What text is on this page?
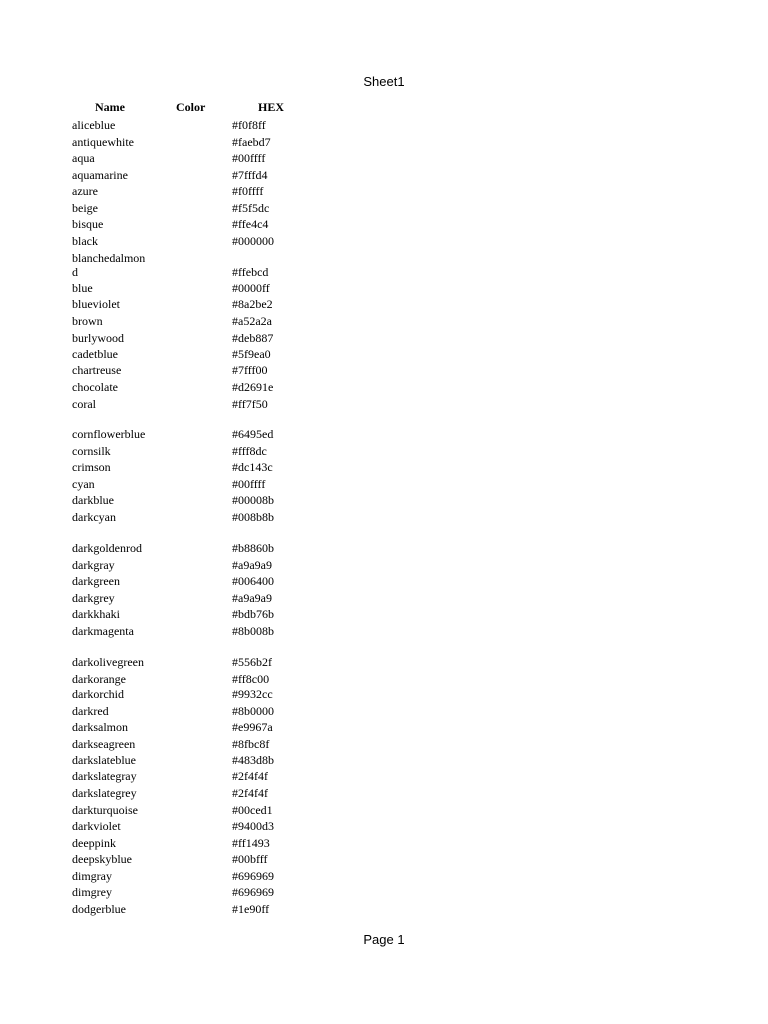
Sheet1
Name	Color	HEX
aliceblue	#f0f8ff
antiquewhite	#faebd7
aqua	#00ffff
aquamarine	#7fffd4
azure	#f0ffff
beige	#f5f5dc
bisque	#ffe4c4
black	#000000
blanchedalmon
d	#ffebcd
blue	#0000ff
blueviolet	#8a2be2
brown	#a52a2a
burlywood	#deb887
cadetblue	#5f9ea0
chartreuse	#7fff00
chocolate	#d2691e
coral	#ff7f50
cornflowerblue	#6495ed
cornsilk	#fff8dc
crimson	#dc143c
cyan	#00ffff
darkblue	#00008b
darkcyan	#008b8b
darkgoldenrod	#b8860b
darkgray	#a9a9a9
darkgreen	#006400
darkgrey	#a9a9a9
darkkhaki	#bdb76b
darkmagenta	#8b008b
darkolivegreen	#556b2f
darkorange	#ff8c00
darkorchid	#9932cc
darkred	#8b0000
darksalmon	#e9967a
darkseagreen	#8fbc8f
darkslateblue	#483d8b
darkslategray	#2f4f4f
darkslategrey	#2f4f4f
darkturquoise	#00ced1
darkviolet	#9400d3
deeppink	#ff1493
deepskyblue	#00bfff
dimgray	#696969
dimgrey	#696969
dodgerblue	#1e90ff
Page 1
